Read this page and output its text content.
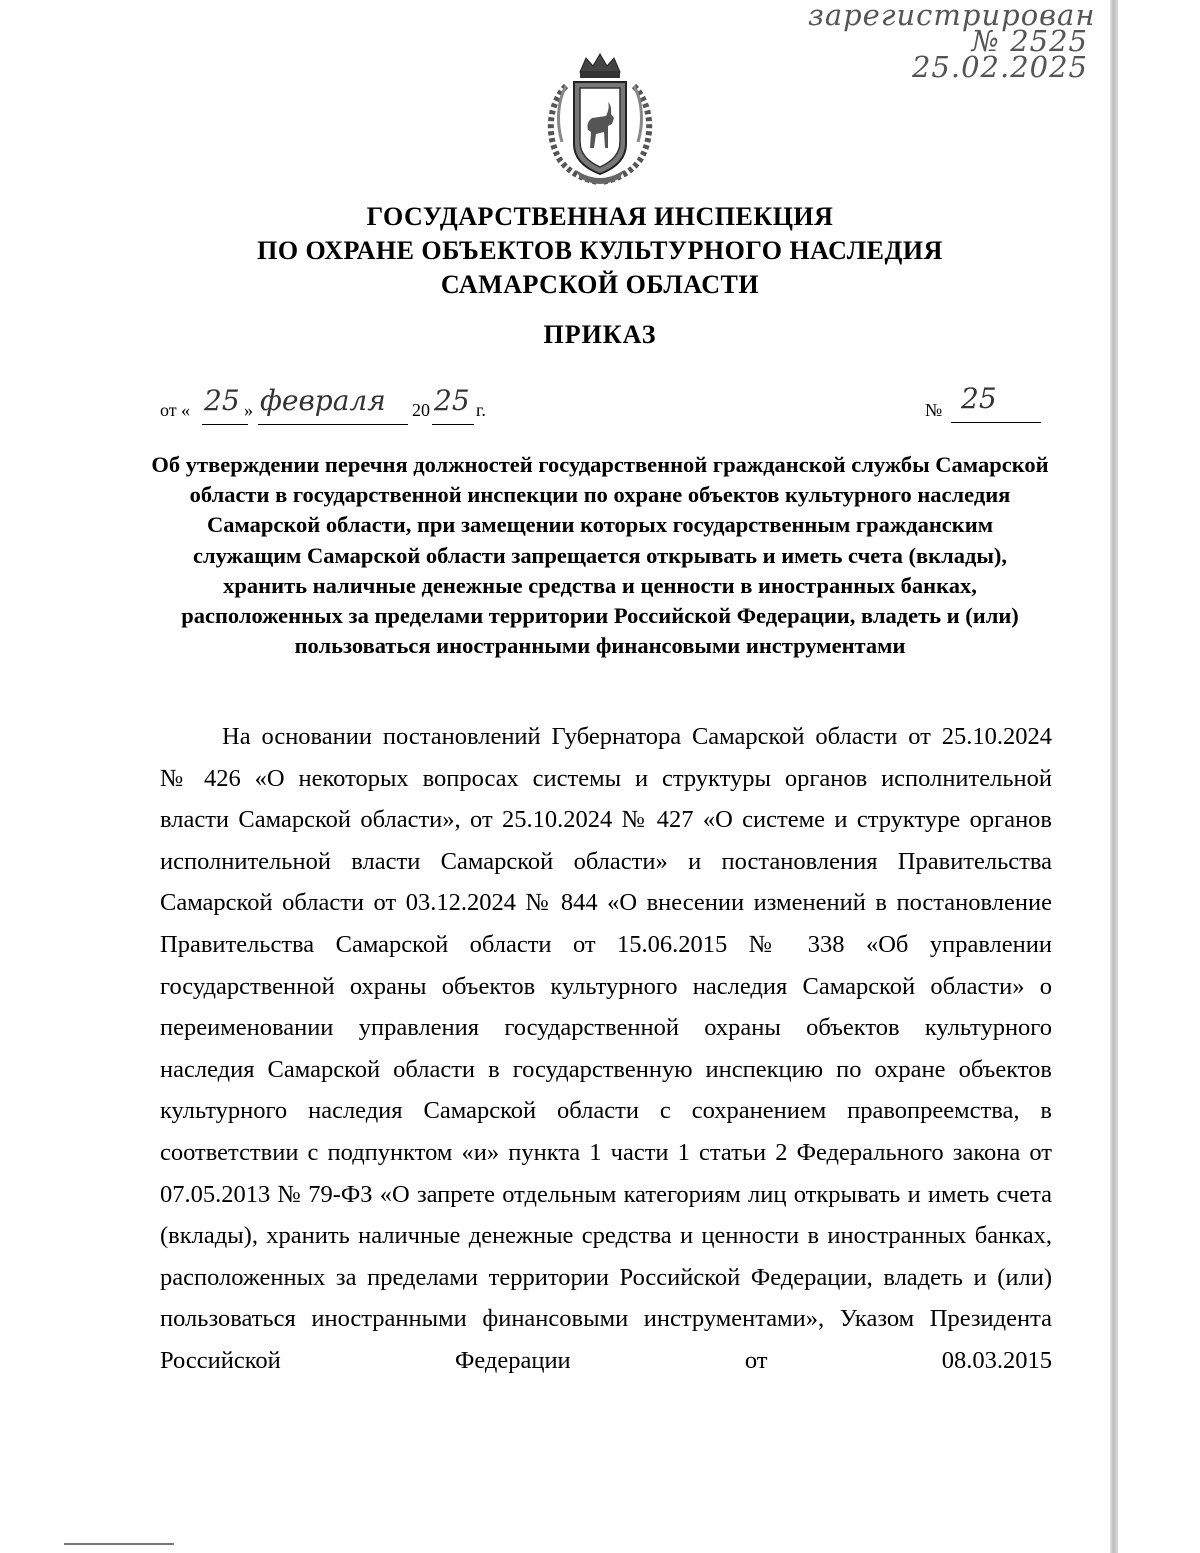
зарегистрирован
№ 2525
25.02.2025
ГОСУДАРСТВЕННАЯ ИНСПЕКЦИЯ
ПО ОХРАНЕ ОБЪЕКТОВ КУЛЬТУРНОГО НАСЛЕДИЯ
САМАРСКОЙ ОБЛАСТИ
ПРИКАЗ
от « 25 » февраля 20 25 г.	№ 25
Об утверждении перечня должностей государственной гражданской службы Самарской области в государственной инспекции по охране объектов культурного наследия Самарской области, при замещении которых государственным гражданским служащим Самарской области запрещается открывать и иметь счета (вклады), хранить наличные денежные средства и ценности в иностранных банках, расположенных за пределами территории Российской Федерации, владеть и (или) пользоваться иностранными финансовыми инструментами
На основании постановлений Губернатора Самарской области от 25.10.2024 № 426 «О некоторых вопросах системы и структуры органов исполнительной власти Самарской области», от 25.10.2024 № 427 «О системе и структуре органов исполнительной власти Самарской области» и постановления Правительства Самарской области от 03.12.2024 № 844 «О внесении изменений в постановление Правительства Самарской области от 15.06.2015 № 338 «Об управлении государственной охраны объектов культурного наследия Самарской области» о переименовании управления государственной охраны объектов культурного наследия Самарской области в государственную инспекцию по охране объектов культурного наследия Самарской области с сохранением правопреемства, в соответствии с подпунктом «и» пункта 1 части 1 статьи 2 Федерального закона от 07.05.2013 № 79-ФЗ «О запрете отдельным категориям лиц открывать и иметь счета (вклады), хранить наличные денежные средства и ценности в иностранных банках, расположенных за пределами территории Российской Федерации, владеть и (или) пользоваться иностранными финансовыми инструментами», Указом Президента Российской Федерации от 08.03.2015
